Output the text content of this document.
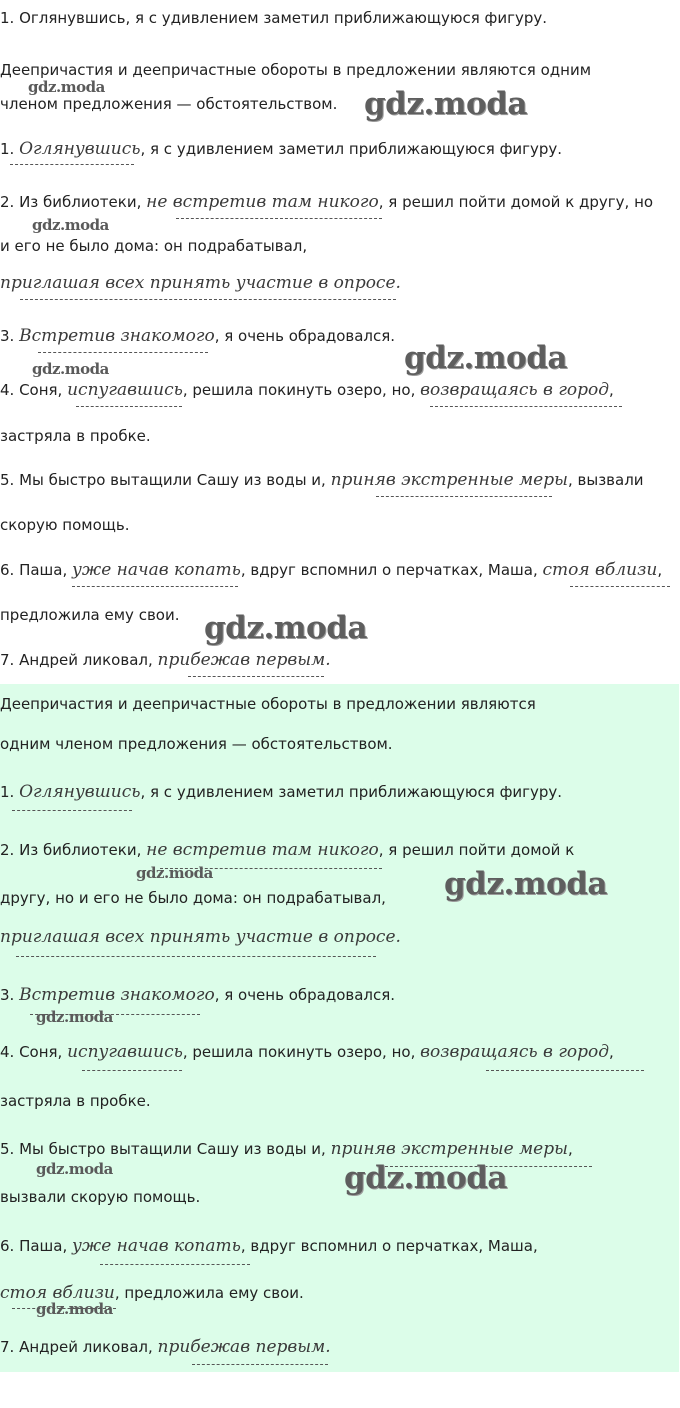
1. Оглянувшись, я с удивлением заметил приближающуюся фигуру.
Деепричастия и деепричастные обороты в предложении являются одним
членом предложения — обстоятельством.
1. Оглянувшись, я с удивлением заметил приближающуюся фигуру.
2. Из библиотеки, не встретив там никого, я решил пойти домой к другу, но
и его не было дома: он подрабатывал,
приглашая всех принять участие в опросе.
3. Встретив знакомого, я очень обрадовался.
4. Соня, испугавшись, решила покинуть озеро, но, возвращаясь в город,
застряла в пробке.
5. Мы быстро вытащили Сашу из воды и, приняв экстренные меры, вызвали
скорую помощь.
6. Паша, уже начав копать, вдруг вспомнил о перчатках, Маша, стоя вблизи,
предложила ему свои.
7. Андрей ликовал, прибежав первым.
gdz.moda	gdz.moda
gdz.moda
gdz.moda
gdz.moda
gdz.moda
Деепричастия и деепричастные обороты в предложении являются
одним членом предложения — обстоятельством.
1. Оглянувшись, я с удивлением заметил приближающуюся фигуру.
2. Из библиотеки, не встретив там никого, я решил пойти домой к
другу, но и его не было дома: он подрабатывал,
приглашая всех принять участие в опросе.
3. Встретив знакомого, я очень обрадовался.
4. Соня, испугавшись, решила покинуть озеро, но, возвращаясь в город,
застряла в пробке.
5. Мы быстро вытащили Сашу из воды и, приняв экстренные меры,
вызвали скорую помощь.
6. Паша, уже начав копать, вдруг вспомнил о перчатках, Маша,
стоя вблизи, предложила ему свои.
7. Андрей ликовал, прибежав первым.
gdz.moda	gdz.moda
gdz.moda
gdz.moda	gdz.moda
gdz.moda
